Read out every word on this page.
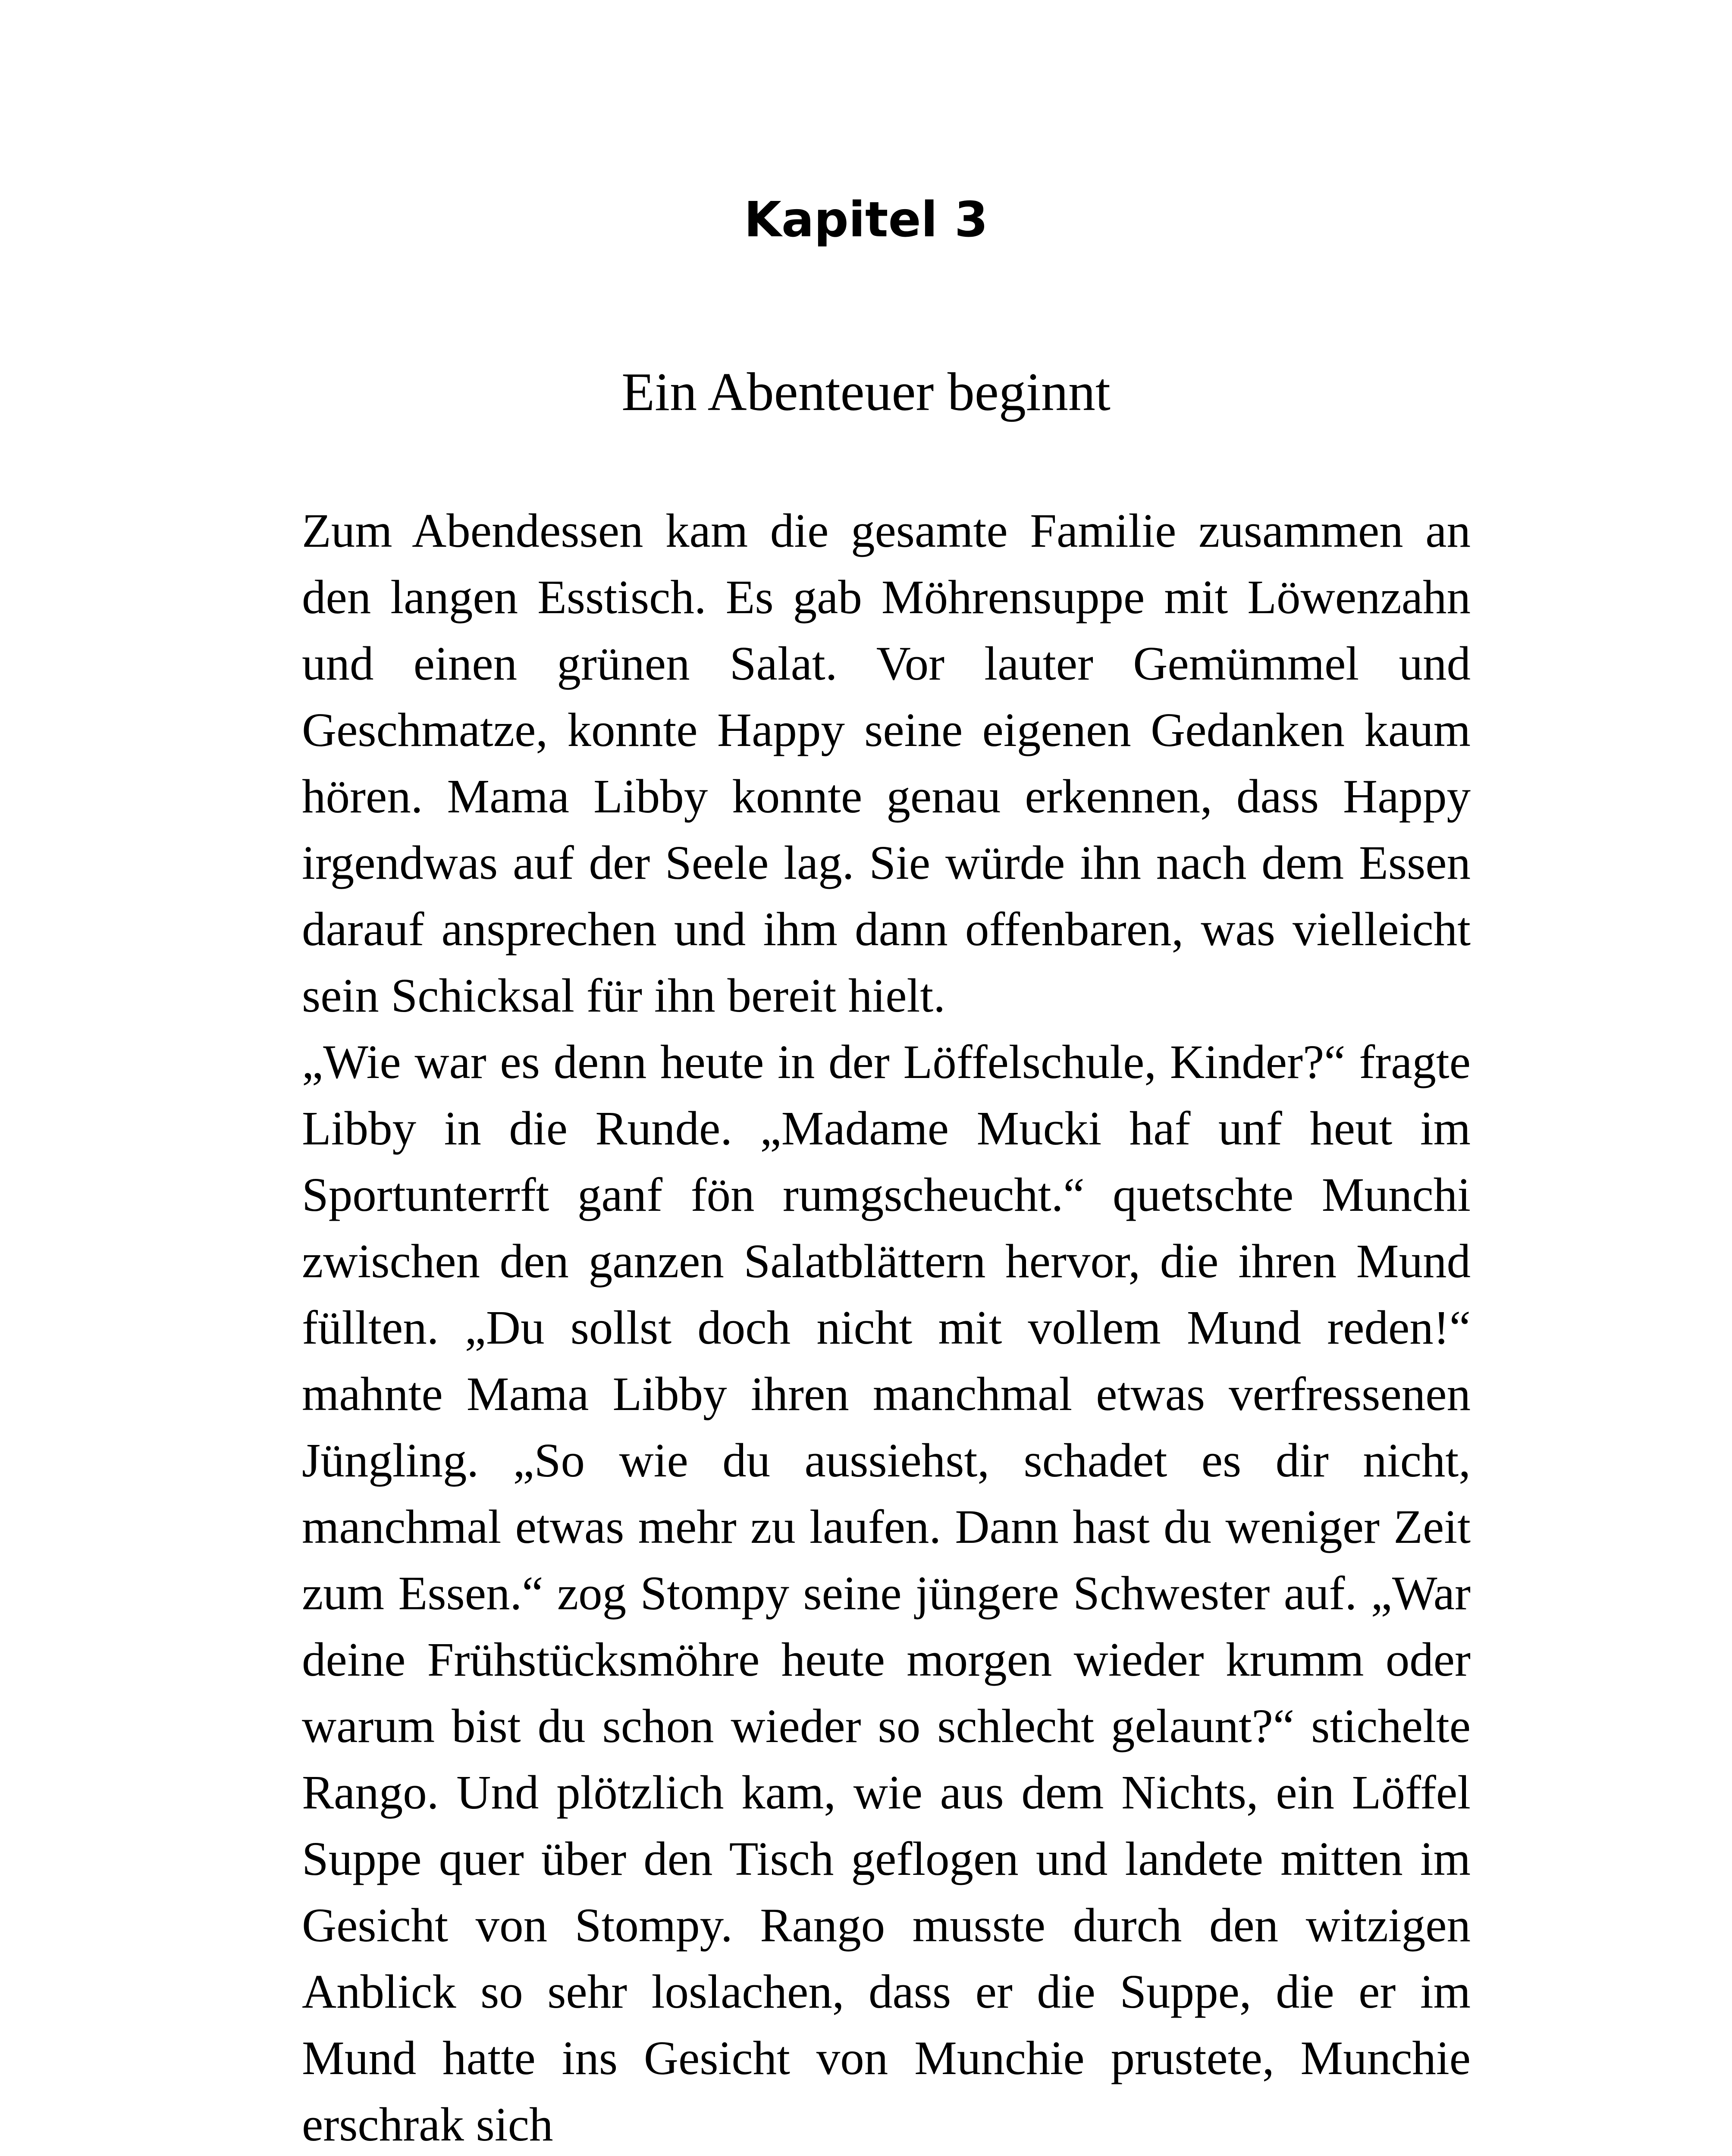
Kapitel 3
Ein Abenteuer beginnt

Zum Abendessen kam die gesamte Familie zusammen an den langen Esstisch. Es gab Möhrensuppe mit Löwenzahn und einen grünen Salat. Vor lauter Gemümmel und Geschmatze, konnte Happy seine eigenen Gedanken kaum hören. Mama Libby konnte genau erkennen, dass Happy irgendwas auf der Seele lag. Sie würde ihn nach dem Essen darauf ansprechen und ihm dann offenbaren, was vielleicht sein Schicksal für ihn bereit hielt.

„Wie war es denn heute in der Löffelschule, Kinder?“ fragte Libby in die Runde. „Madame Mucki haf unf heut im Sportunterrft ganf fön rumgscheucht.“ quetschte Munchi zwischen den ganzen Salatblättern hervor, die ihren Mund füllten. „Du sollst doch nicht mit vollem Mund reden!“ mahnte Mama Libby ihren manchmal etwas verfressenen Jüngling. „So wie du aussiehst, schadet es dir nicht, manchmal etwas mehr zu laufen. Dann hast du weniger Zeit zum Essen.“ zog Stompy seine jüngere Schwester auf. „War deine Frühstücksmöhre heute morgen wieder krumm oder warum bist du schon wieder so schlecht gelaunt?“ stichelte Rango. Und plötzlich kam, wie aus dem Nichts, ein Löffel Suppe quer über den Tisch geflogen und landete mitten im Gesicht von Stompy. Rango musste durch den witzigen Anblick so sehr loslachen, dass er die Suppe, die er im Mund hatte ins Gesicht von Munchie prustete, Munchie erschrak sich
